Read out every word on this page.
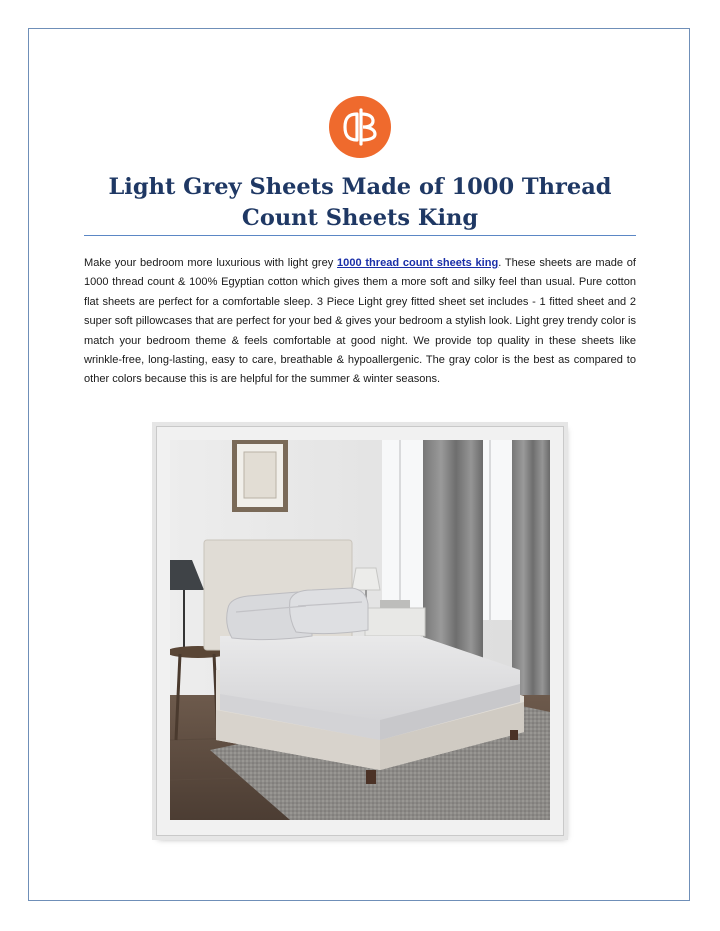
Light Grey Sheets Made of 1000 Thread
Count Sheets King

Make your bedroom more luxurious with light grey 1000 thread count sheets king. These sheets are made of 1000 thread count & 100% Egyptian cotton which gives them a more soft and silky feel than usual. Pure cotton flat sheets are perfect for a comfortable sleep. 3 Piece Light grey fitted sheet set includes - 1 fitted sheet and 2 super soft pillowcases that are perfect for your bed & gives your bedroom a stylish look. Light grey trendy color is match your bedroom theme & feels comfortable at good night. We provide top quality in these sheets like wrinkle-free, long-lasting, easy to care, breathable & hypoallergenic. The gray color is the best as compared to other colors because this is are helpful for the summer & winter seasons.
